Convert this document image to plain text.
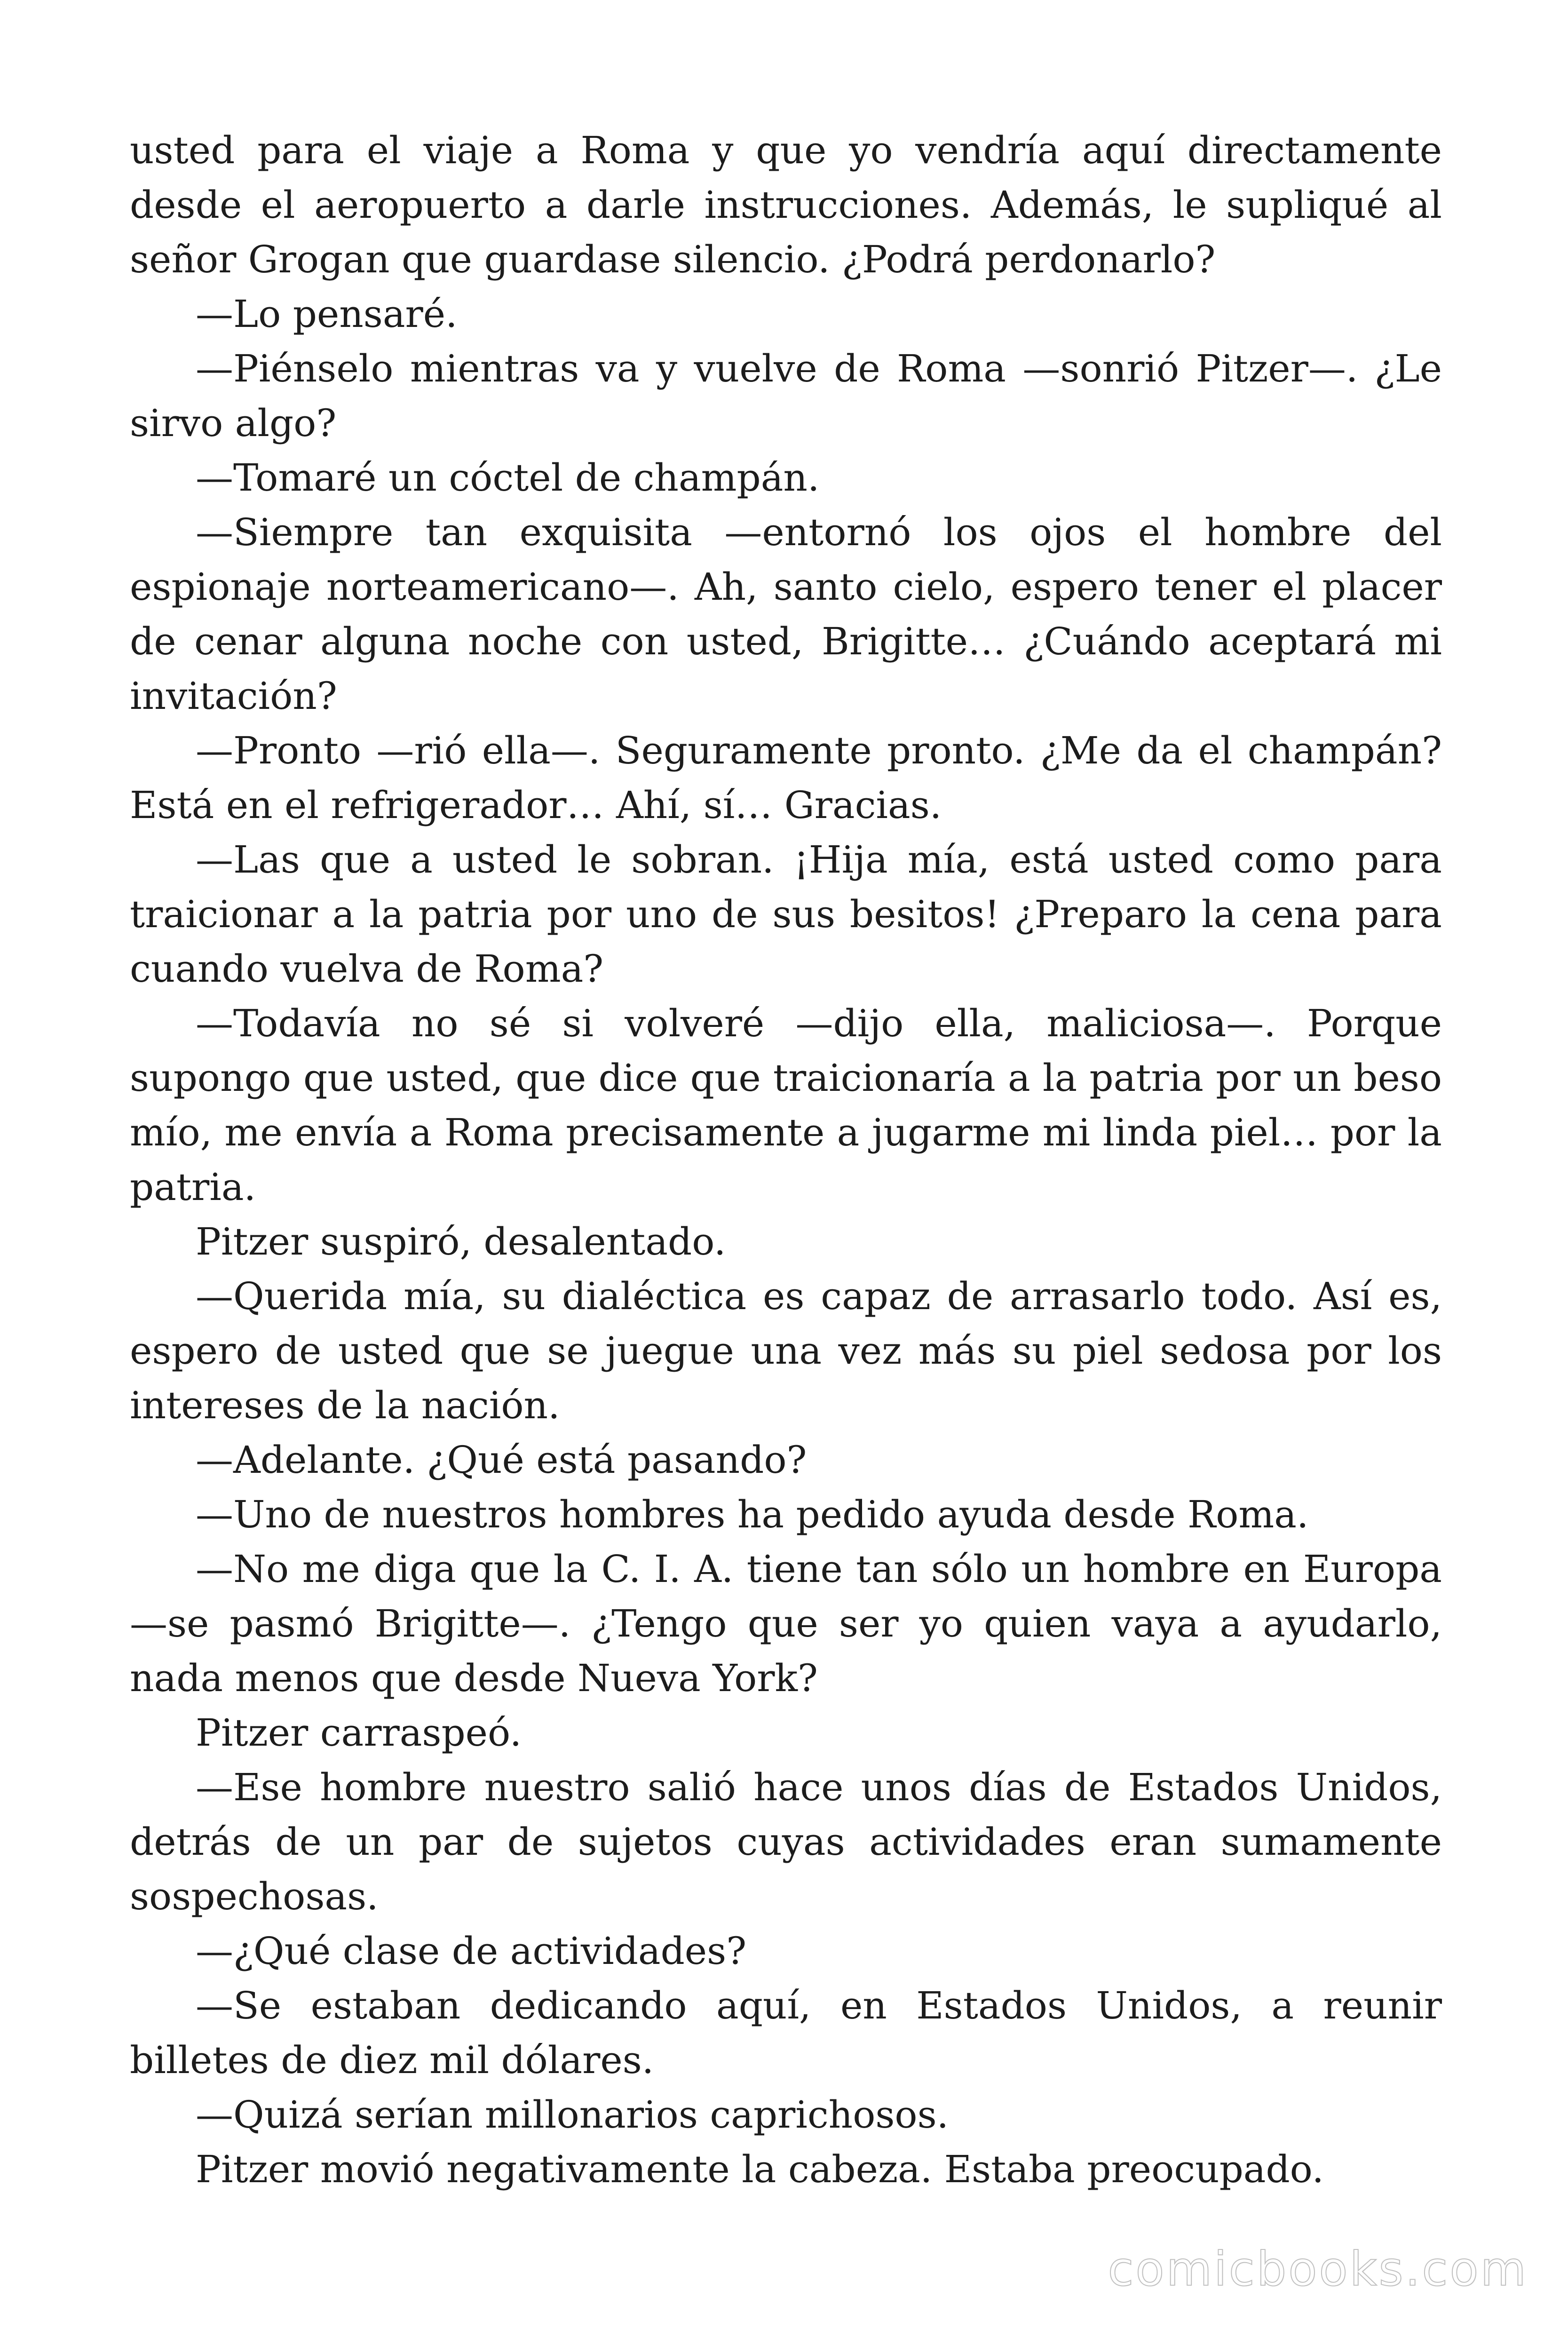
usted para el viaje a Roma y que yo vendría aquí directamente desde el aeropuerto a darle instrucciones. Además, le supliqué al señor Grogan que guardase silencio. ¿Podrá perdonarlo?

—Lo pensaré.

—Piénselo mientras va y vuelve de Roma —sonrió Pitzer—. ¿Le sirvo algo?

—Tomaré un cóctel de champán.

—Siempre tan exquisita —entornó los ojos el hombre del espionaje norteamericano—. Ah, santo cielo, espero tener el placer de cenar alguna noche con usted, Brigitte… ¿Cuándo aceptará mi invitación?

—Pronto —rió ella—. Seguramente pronto. ¿Me da el champán? Está en el refrigerador… Ahí, sí… Gracias.

—Las que a usted le sobran. ¡Hija mía, está usted como para traicionar a la patria por uno de sus besitos! ¿Preparo la cena para cuando vuelva de Roma?

—Todavía no sé si volveré —dijo ella, maliciosa—. Porque supongo que usted, que dice que traicionaría a la patria por un beso mío, me envía a Roma precisamente a jugarme mi linda piel… por la patria.

Pitzer suspiró, desalentado.

—Querida mía, su dialéctica es capaz de arrasarlo todo. Así es, espero de usted que se juegue una vez más su piel sedosa por los intereses de la nación.

—Adelante. ¿Qué está pasando?

—Uno de nuestros hombres ha pedido ayuda desde Roma.

—No me diga que la C. I. A. tiene tan sólo un hombre en Europa —se pasmó Brigitte—. ¿Tengo que ser yo quien vaya a ayudarlo, nada menos que desde Nueva York?

Pitzer carraspeó.

—Ese hombre nuestro salió hace unos días de Estados Unidos, detrás de un par de sujetos cuyas actividades eran sumamente sospechosas.

—¿Qué clase de actividades?

—Se estaban dedicando aquí, en Estados Unidos, a reunir billetes de diez mil dólares.

—Quizá serían millonarios caprichosos.

Pitzer movió negativamente la cabeza. Estaba preocupado.

comicbooks.com
